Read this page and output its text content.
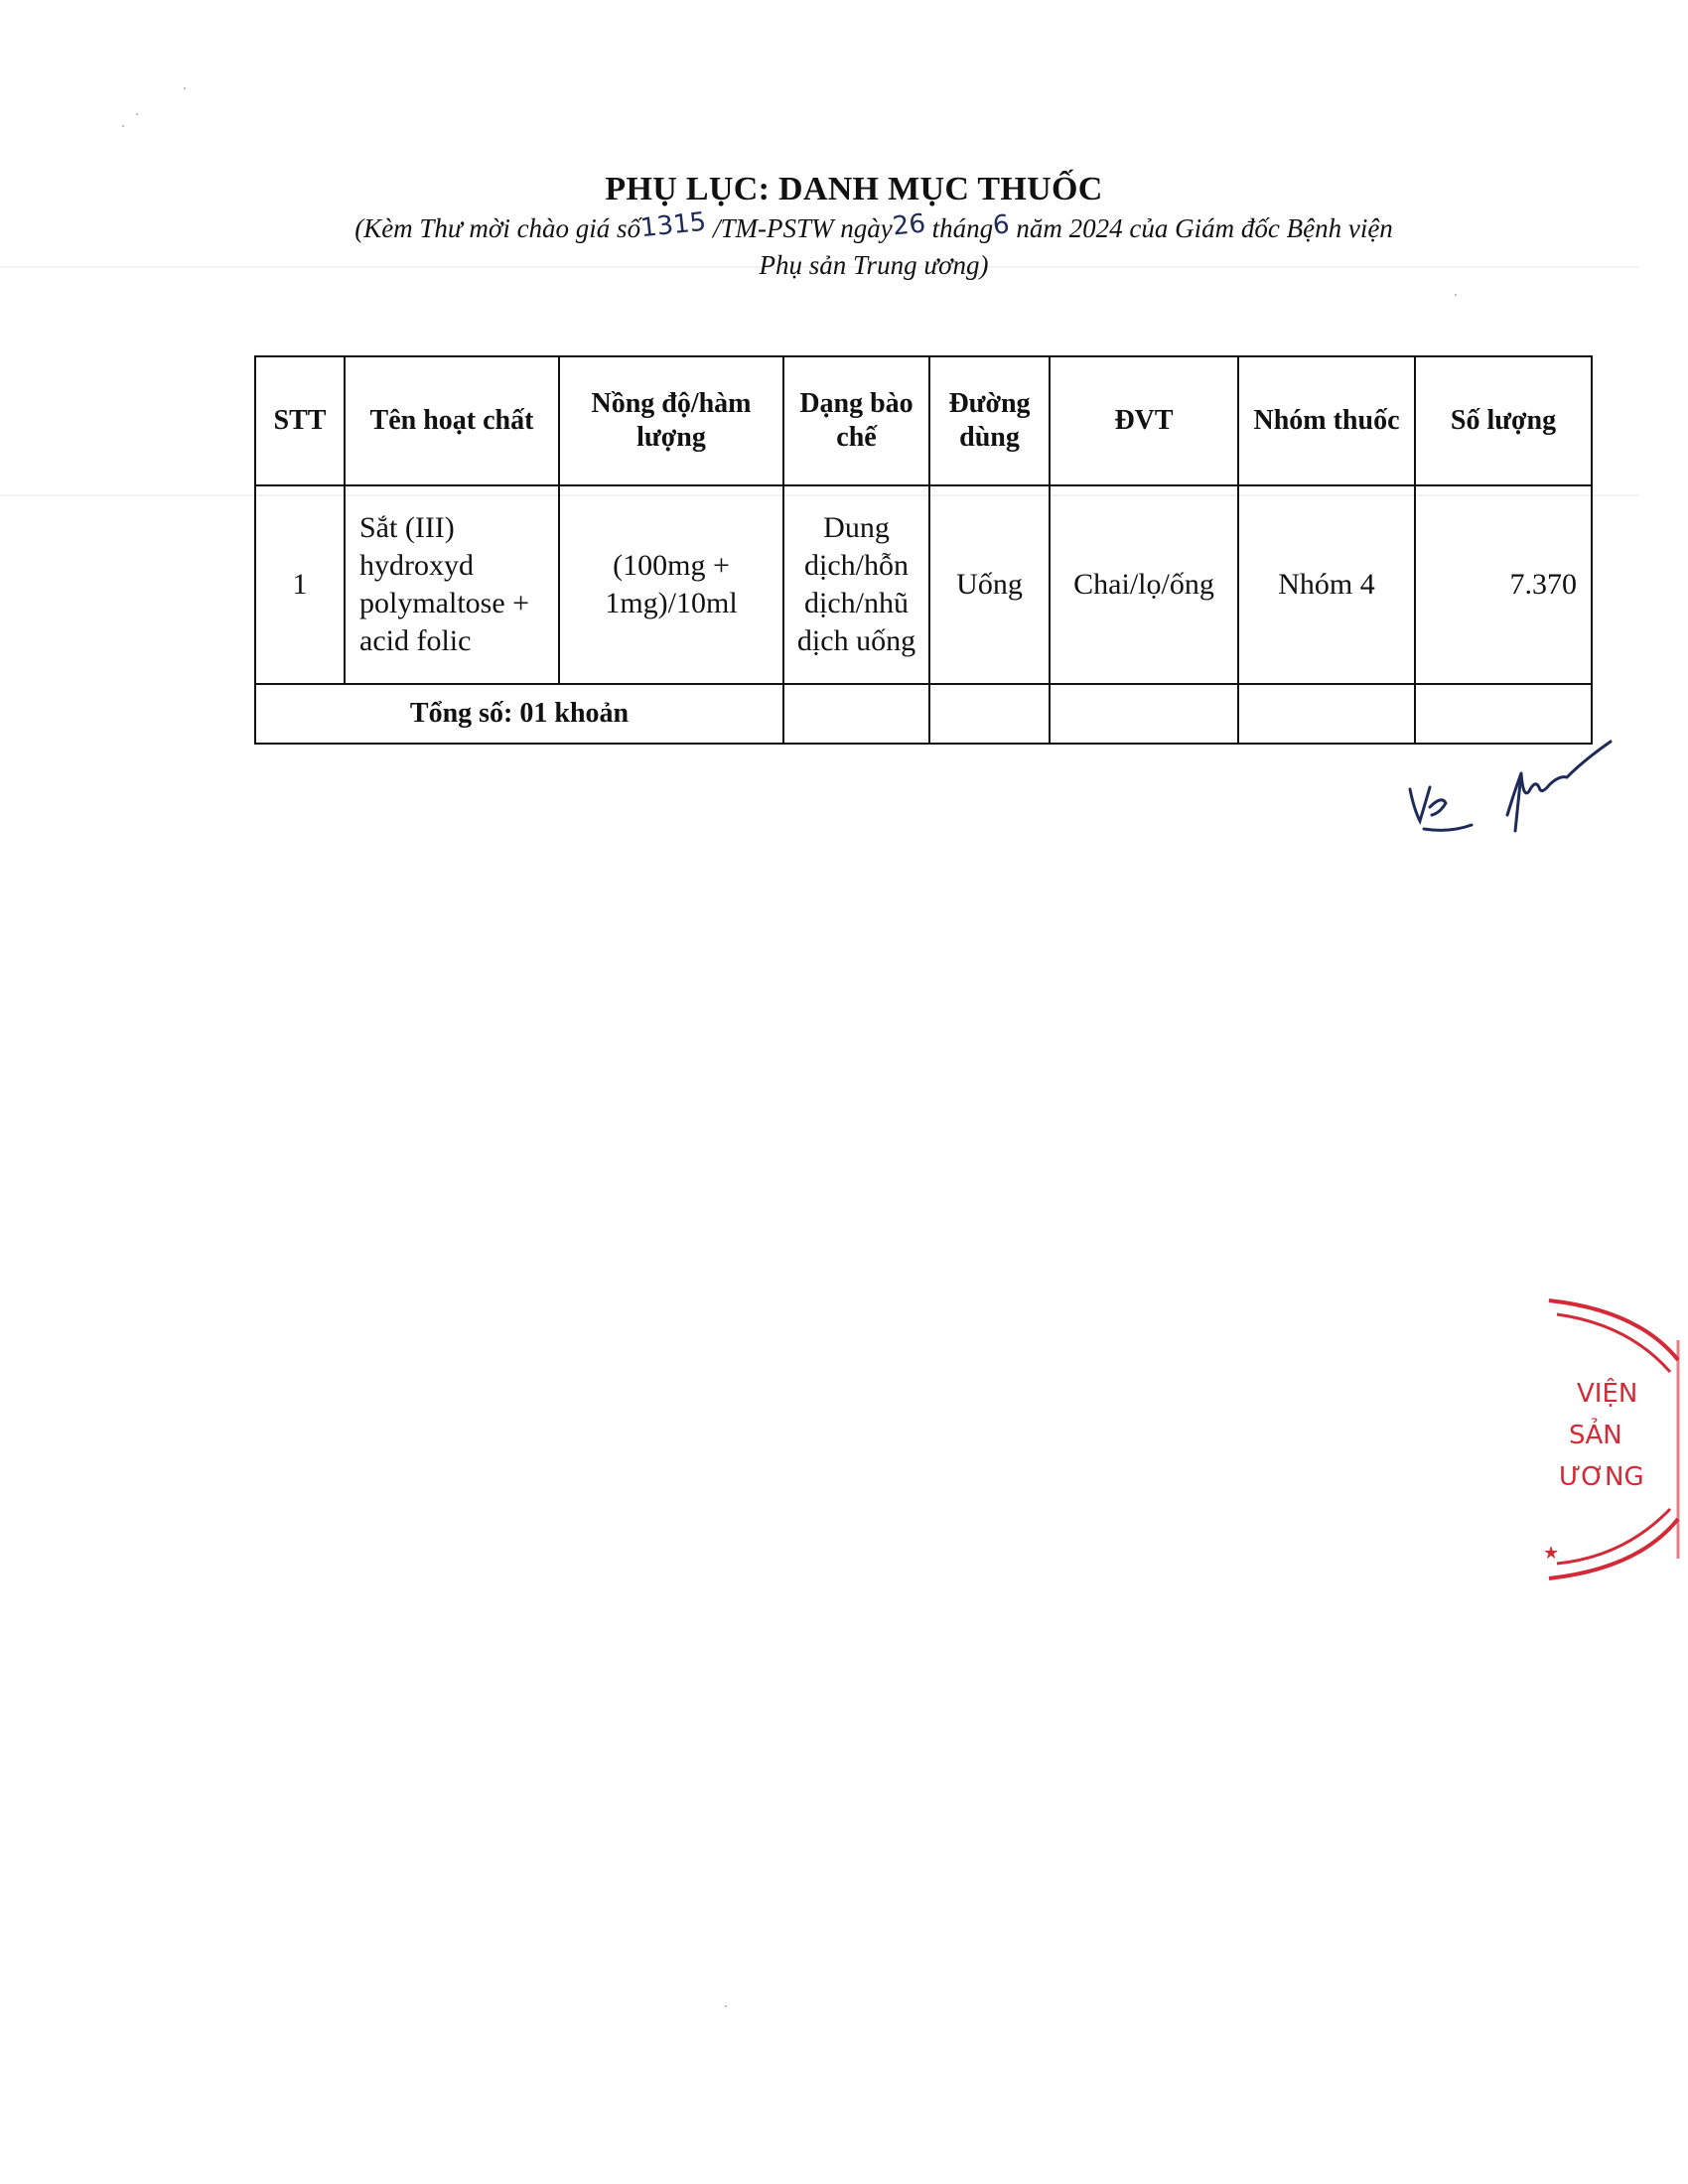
PHỤ LỤC: DANH MỤC THUỐC
(Kèm Thư mời chào giá số1315 /TM-PSTW ngày26 tháng6 năm 2024 của Giám đốc Bệnh viện
Phụ sản Trung ương)
STT	Tên hoạt chất	Nồng độ/hàm lượng	Dạng bào chế	Đường dùng	ĐVT	Nhóm thuốc	Số lượng
1	Sắt (III) hydroxyd polymaltose + acid folic	(100mg + 1mg)/10ml	Dung dịch/hỗn dịch/nhũ dịch uống	Uống	Chai/lọ/ống	Nhóm 4	7.370
Tổng số: 01 khoản							
★
VIỆN
SẢN
ƯƠNG
